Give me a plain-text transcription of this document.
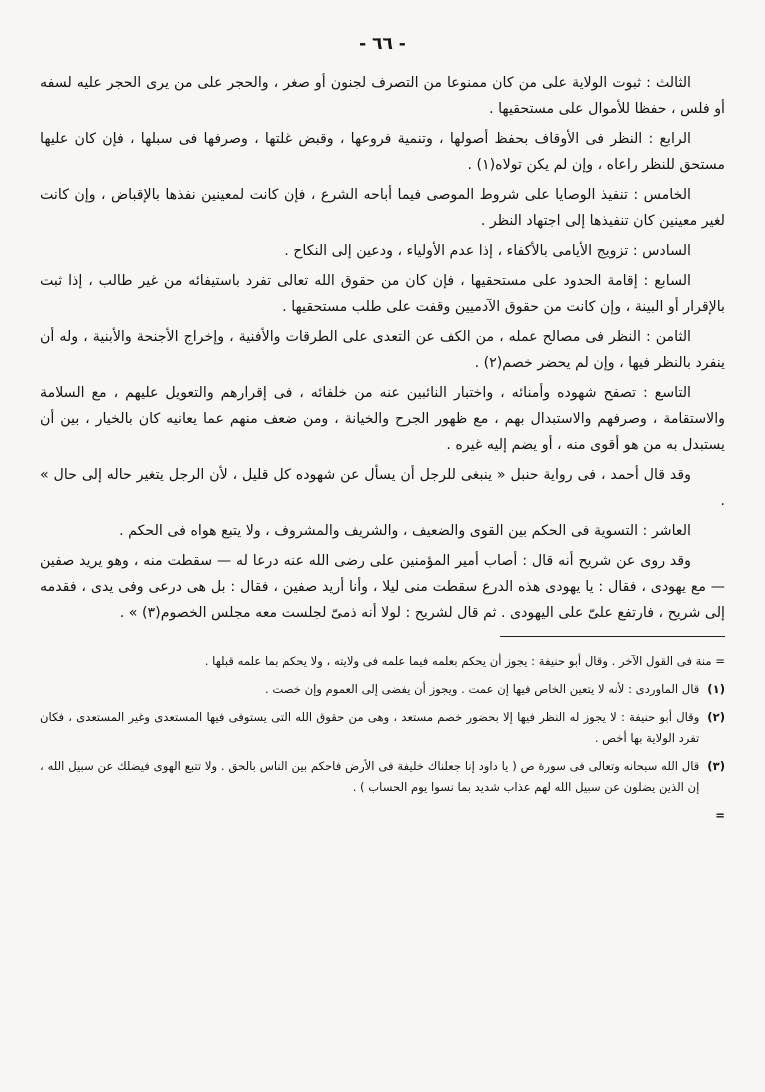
- ٦٦ -

الثالث : ثبوت الولاية على من كان ممنوعا من التصرف لجنون أو صغر ، والحجر على من يرى الحجر عليه لسفه أو فلس ، حفظا للأموال على مستحقيها .

الرابع : النظر فى الأوقاف بحفظ أصولها ، وتنمية فروعها ، وقبض غلتها ، وصرفها فى سبلها ، فإن كان عليها مستحق للنظر راعاه ، وإن لم يكن تولاه(١) .

الخامس : تنفيذ الوصايا على شروط الموصى فيما أباحه الشرع ، فإن كانت لمعينين نفذها بالإقباض ، وإن كانت لغير معينين كان تنفيذها إلى اجتهاد النظر .

السادس : تزويج الأيامى بالأكفاء ، إذا عدم الأولياء ، ودعين إلى النكاح .

السابع : إقامة الحدود على مستحقيها ، فإن كان من حقوق الله تعالى تفرد باستيفائه من غير طالب ، إذا ثبت بالإقرار أو البينة ، وإن كانت من حقوق الآدميين وقفت على طلب مستحقيها .

الثامن : النظر فى مصالح عمله ، من الكف عن التعدى على الطرقات والأفنية ، وإخراج الأجنحة والأبنية ، وله أن ينفرد بالنظر فيها ، وإن لم يحضر خصم(٢) .

التاسع : تصفح شهوده وأمنائه ، واختبار النائبين عنه من خلفائه ، فى إقرارهم والتعويل عليهم ، مع السلامة والاستقامة ، وصرفهم والاستبدال بهم ، مع ظهور الجرح والخيانة ، ومن ضعف منهم عما يعانيه كان بالخيار ، بين أن يستبدل به من هو أقوى منه ، أو يضم إليه غيره .

وقد قال أحمد ، فى رواية حنبل « ينبغى للرجل أن يسأل عن شهوده كل قليل ، لأن الرجل يتغير حاله إلى حال » .

العاشر : التسوية فى الحكم بين القوى والضعيف ، والشريف والمشروف ، ولا يتبع هواه فى الحكم .

وقد روى عن شريح أنه قال : أصاب أمير المؤمنين على رضى الله عنه درعا له — سقطت منه ، وهو يريد صفين — مع يهودى ، فقال : يا يهودى هذه الدرع سقطت منى ليلا ، وأنا أريد صفين ، فقال : بل هى درعى وفى يدى ، فقدمه إلى شريح ، فارتفع علىّ على اليهودى . ثم قال لشريح : لولا أنه ذمىّ لجلست معه مجلس الخصوم(٣) » .

= منة فى القول الآخر . وقال أبو حنيفة : يجوز أن يحكم بعلمه فيما علمه فى ولايته ، ولا يحكم بما علمه قبلها .
(١)
قال الماوردى : لأنه لا يتعين الخاص فيها إن عمت . ويجوز أن يفضى إلى العموم وإن خصت .
(٢)
وقال أبو حنيفة : لا يجوز له النظر فيها إلا بحضور خصم مستعد ، وهى من حقوق الله التى يستوفى فيها المستعدى وغير المستعدى ، فكان تفرد الولاية بها أخص .
(٣)
قال الله سبحانه وتعالى فى سورة ص ( يا داود إنا جعلناك خليفة فى الأرض فاحكم بين الناس بالحق . ولا تتبع الهوى فيضلك عن سبيل الله ، إن الذين يضلون عن سبيل الله لهم عذاب شديد بما نسوا يوم الحساب ) .
=
